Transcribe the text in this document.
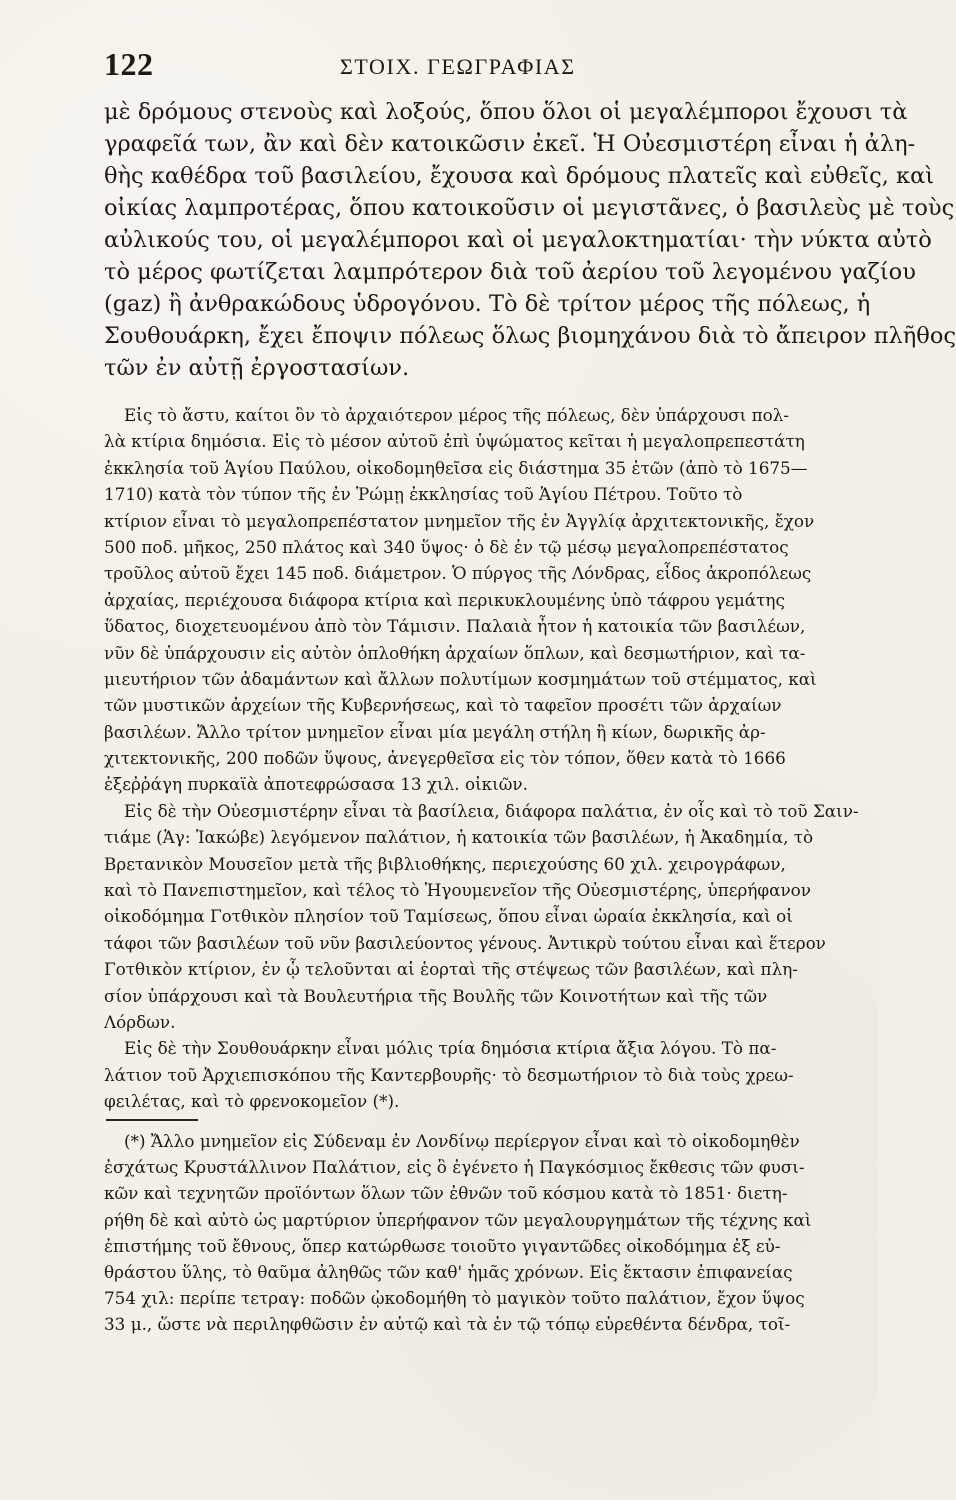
122	ΣΤΟΙΧ. ΓΕΩΓΡΑΦΙΑΣ
μὲ δρόμους στενοὺς καὶ λοξούς, ὅπου ὅλοι οἱ μεγαλέμποροι ἔχουσι τὰ
γραφεῖά των, ἂν καὶ δὲν κατοικῶσιν ἐκεῖ. Ἡ Οὐεσμιστέρη εἶναι ἡ ἀλη-
θὴς καθέδρα τοῦ βασιλείου, ἔχουσα καὶ δρόμους πλατεῖς καὶ εὐθεῖς, καὶ
οἰκίας λαμπροτέρας, ὅπου κατοικοῦσιν οἱ μεγιστᾶνες, ὁ βασιλεὺς μὲ τοὺς
αὐλικούς του, οἱ μεγαλέμποροι καὶ οἱ μεγαλοκτηματίαι· τὴν νύκτα αὐτὸ
τὸ μέρος φωτίζεται λαμπρότερον διὰ τοῦ ἀερίου τοῦ λεγομένου γαζίου
(gaz) ἢ ἀνθρακώδους ὑδρογόνου. Τὸ δὲ τρίτον μέρος τῆς πόλεως, ἡ
Σουθουάρκη, ἔχει ἔποψιν πόλεως ὅλως βιομηχάνου διὰ τὸ ἄπειρον πλῆθος
τῶν ἐν αὐτῇ ἐργοστασίων.
Εἰς τὸ ἄστυ, καίτοι ὂν τὸ ἀρχαιότερον μέρος τῆς πόλεως, δὲν ὑπάρχουσι πολ-
λὰ κτίρια δημόσια. Εἰς τὸ μέσον αὐτοῦ ἐπὶ ὑψώματος κεῖται ἡ μεγαλοπρεπεστάτη
ἐκκλησία τοῦ Ἁγίου Παύλου, οἰκοδομηθεῖσα εἰς διάστημα 35 ἐτῶν (ἀπὸ τὸ 1675—
1710) κατὰ τὸν τύπον τῆς ἐν Ῥώμῃ ἐκκλησίας τοῦ Ἁγίου Πέτρου. Τοῦτο τὸ
κτίριον εἶναι τὸ μεγαλοπρεπέστατον μνημεῖον τῆς ἐν Ἀγγλίᾳ ἀρχιτεκτονικῆς, ἔχον
500 ποδ. μῆκος, 250 πλάτος καὶ 340 ὕψος· ὁ δὲ ἐν τῷ μέσῳ μεγαλοπρεπέστατος
τροῦλος αὐτοῦ ἔχει 145 ποδ. διάμετρον. Ὁ πύργος τῆς Λόνδρας, εἶδος ἀκροπόλεως
ἀρχαίας, περιέχουσα διάφορα κτίρια καὶ περικυκλουμένης ὑπὸ τάφρου γεμάτης
ὕδατος, διοχετευομένου ἀπὸ τὸν Τάμισιν. Παλαιὰ ἦτον ἡ κατοικία τῶν βασιλέων,
νῦν δὲ ὑπάρχουσιν εἰς αὐτὸν ὁπλοθήκη ἀρχαίων ὅπλων, καὶ δεσμωτήριον, καὶ τα-
μιευτήριον τῶν ἀδαμάντων καὶ ἄλλων πολυτίμων κοσμημάτων τοῦ στέμματος, καὶ
τῶν μυστικῶν ἀρχείων τῆς Κυβερνήσεως, καὶ τὸ ταφεῖον προσέτι τῶν ἀρχαίων
βασιλέων. Ἄλλο τρίτον μνημεῖον εἶναι μία μεγάλη στήλη ἢ κίων, δωρικῆς ἀρ-
χιτεκτονικῆς, 200 ποδῶν ὕψους, ἀνεγερθεῖσα εἰς τὸν τόπον, ὅθεν κατὰ τὸ 1666
ἐξεῤῥάγη πυρκαϊὰ ἀποτεφρώσασα 13 χιλ. οἰκιῶν.
Εἰς δὲ τὴν Οὐεσμιστέρην εἶναι τὰ βασίλεια, διάφορα παλάτια, ἐν οἷς καὶ τὸ τοῦ Σαιν-
τιάμε (Ἁγ: Ἰακώβε) λεγόμενον παλάτιον, ἡ κατοικία τῶν βασιλέων, ἡ Ἀκαδημία, τὸ
Βρετανικὸν Μουσεῖον μετὰ τῆς βιβλιοθήκης, περιεχούσης 60 χιλ. χειρογράφων,
καὶ τὸ Πανεπιστημεῖον, καὶ τέλος τὸ Ἡγουμενεῖον τῆς Οὐεσμιστέρης, ὑπερήφανον
οἰκοδόμημα Γοτθικὸν πλησίον τοῦ Ταμίσεως, ὅπου εἶναι ὡραία ἐκκλησία, καὶ οἱ
τάφοι τῶν βασιλέων τοῦ νῦν βασιλεύοντος γένους. Ἀντικρὺ τούτου εἶναι καὶ ἕτερον
Γοτθικὸν κτίριον, ἐν ᾧ τελοῦνται αἱ ἑορταὶ τῆς στέψεως τῶν βασιλέων, καὶ πλη-
σίον ὑπάρχουσι καὶ τὰ Βουλευτήρια τῆς Βουλῆς τῶν Κοινοτήτων καὶ τῆς τῶν
Λόρδων.
Εἰς δὲ τὴν Σουθουάρκην εἶναι μόλις τρία δημόσια κτίρια ἄξια λόγου. Τὸ πα-
λάτιον τοῦ Ἀρχιεπισκόπου τῆς Καντερβουρῆς· τὸ δεσμωτήριον τὸ διὰ τοὺς χρεω-
φειλέτας, καὶ τὸ φρενοκομεῖον (*).
(*) Ἄλλο μνημεῖον εἰς Σύδεναμ ἐν Λονδίνῳ περίεργον εἶναι καὶ τὸ οἰκοδομηθὲν
ἐσχάτως Κρυστάλλινον Παλάτιον, εἰς ὃ ἐγένετο ἡ Παγκόσμιος ἔκθεσις τῶν φυσι-
κῶν καὶ τεχνητῶν προϊόντων ὅλων τῶν ἐθνῶν τοῦ κόσμου κατὰ τὸ 1851· διετη-
ρήθη δὲ καὶ αὐτὸ ὡς μαρτύριον ὑπερήφανον τῶν μεγαλουργημάτων τῆς τέχνης καὶ
ἐπιστήμης τοῦ ἔθνους, ὅπερ κατώρθωσε τοιοῦτο γιγαντῶδες οἰκοδόμημα ἐξ εὐ-
θράστου ὕλης, τὸ θαῦμα ἀληθῶς τῶν καθ' ἡμᾶς χρόνων. Εἰς ἔκτασιν ἐπιφανείας
754 χιλ: περίπε τετραγ: ποδῶν ᾠκοδομήθη τὸ μαγικὸν τοῦτο παλάτιον, ἔχον ὕψος
33 μ., ὥστε νὰ περιληφθῶσιν ἐν αὐτῷ καὶ τὰ ἐν τῷ τόπῳ εὑρεθέντα δένδρα, τοῖ-
